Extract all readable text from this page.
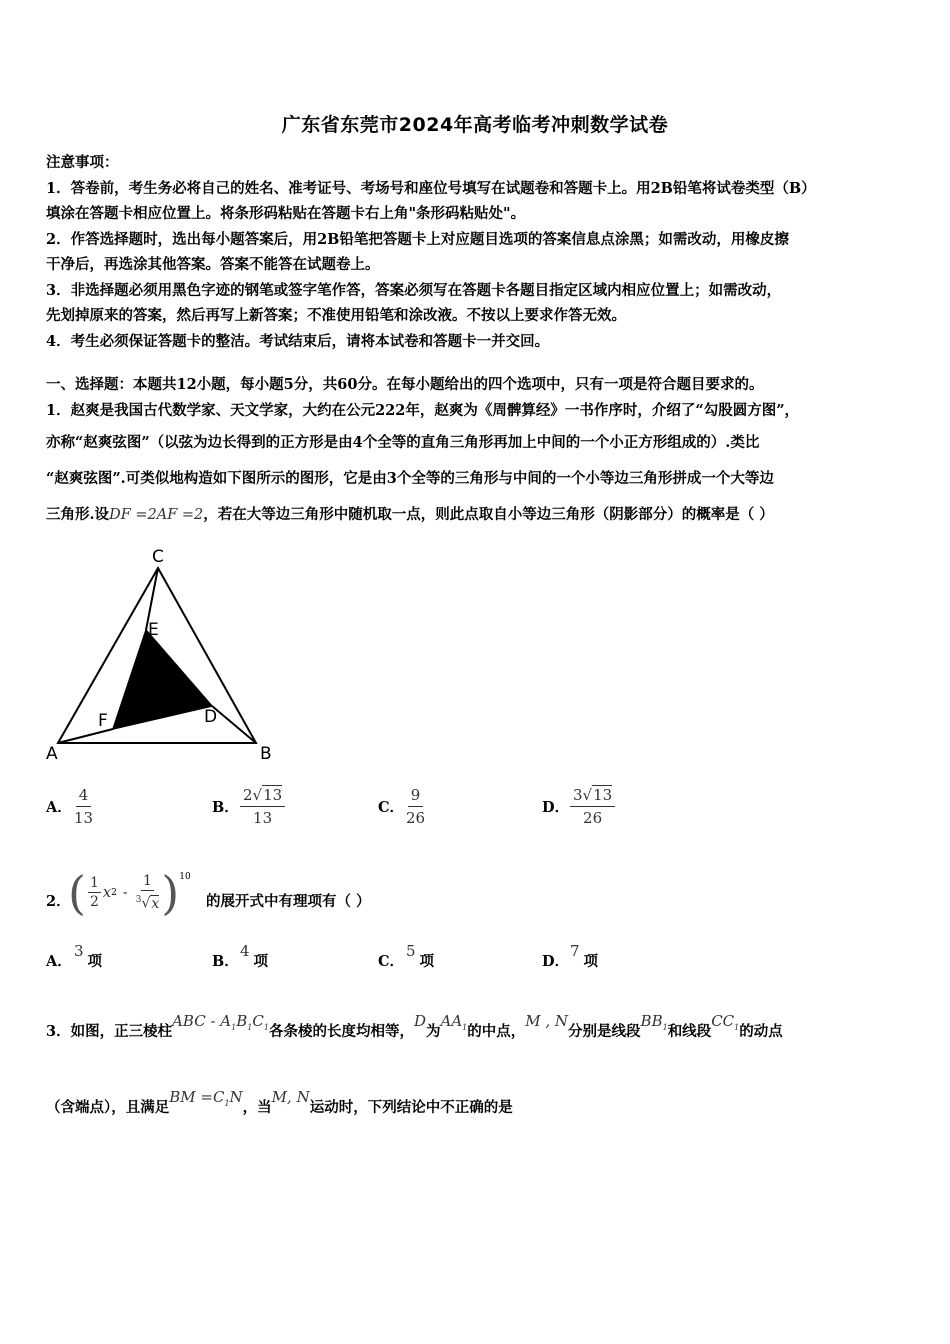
广东省东莞市2024年高考临考冲刺数学试卷

注意事项：

1．答卷前，考生务必将自己的姓名、准考证号、考场号和座位号填写在试题卷和答题卡上。用2B铅笔将试卷类型（B）

填涂在答题卡相应位置上。将条形码粘贴在答题卡右上角"条形码粘贴处"。

2．作答选择题时，选出每小题答案后，用2B铅笔把答题卡上对应题目选项的答案信息点涂黑；如需改动，用橡皮擦

干净后，再选涂其他答案。答案不能答在试题卷上。

3．非选择题必须用黑色字迹的钢笔或签字笔作答，答案必须写在答题卡各题目指定区域内相应位置上；如需改动，

先划掉原来的答案，然后再写上新答案；不准使用铅笔和涂改液。不按以上要求作答无效。

4．考生必须保证答题卡的整洁。考试结束后，请将本试卷和答题卡一并交回。

一、选择题：本题共12小题，每小题5分，共60分。在每小题给出的四个选项中，只有一项是符合题目要求的。

1．赵爽是我国古代数学家、天文学家，大约在公元222年，赵爽为《周髀算经》一书作序时，介绍了“勾股圆方图”，
亦称“赵爽弦图”（以弦为边长得到的正方形是由4个全等的直角三角形再加上中间的一个小正方形组成的）.类比
“赵爽弦图”.可类似地构造如下图所示的图形，它是由3个全等的三角形与中间的一个小等边三角形拼成一个大等边
三角形.设DF =2AF =2，若在大等边三角形中随机取一点，则此点取自小等边三角形（阴影部分）的概率是（ ）
A	B
C
E
F	D
A． $\frac{4}{13}$	B． $\frac{2√13}{13}$	C． $\frac{9}{26}$	D． $\frac{3√13}{26}$
2．
( $\frac{1}{2}$ x $2 - \frac{1}{^3√x}$ ) 10
的展开式中有理项有（ ）
A．
3
项	B．
4
项	C．
5
项	D．
7
项
3．如图，正三棱柱ABC - $A_1B_1C_1$各条棱的长度均相等，D为$AA_1$的中点，M , N分别是线段$BB_1$和线段$CC_1$的动点
（含端点），且满足BM $=C_1N$，当M, N运动时，下列结论中不正确的是
